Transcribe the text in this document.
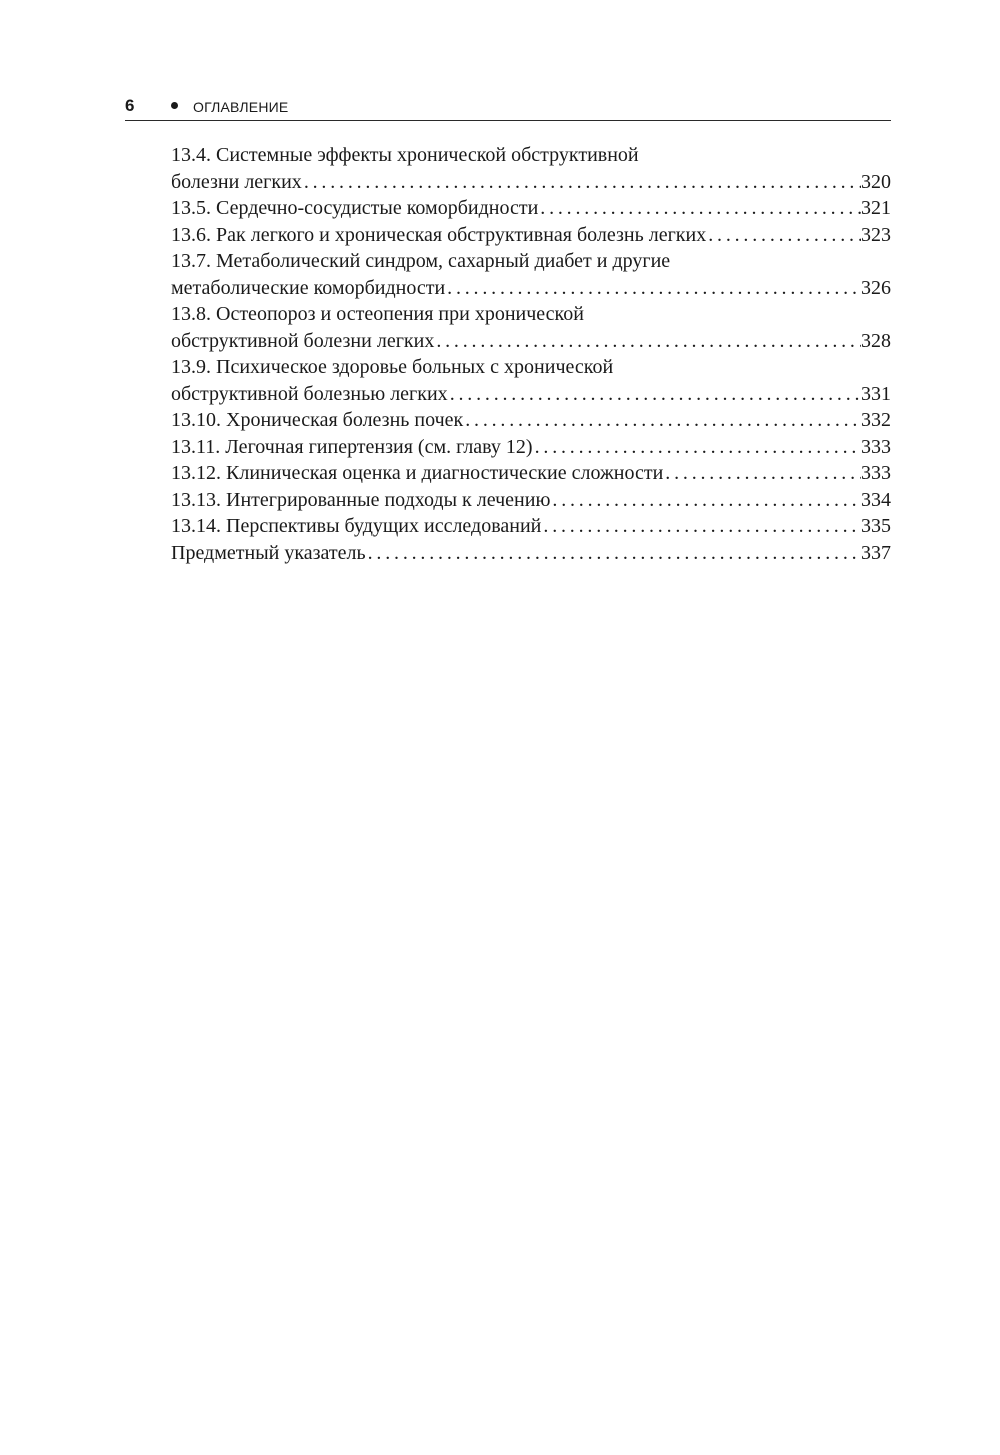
6	ОГЛАВЛЕНИЕ
13.4. Системные эффекты хронической обструктивной
болезни легких . . .	320
13.5. Сердечно-сосудистые коморбидности . . .	321
13.6. Рак легкого и хроническая обструктивная болезнь легких . . .	323
13.7. Метаболический синдром, сахарный диабет и другие
метаболические коморбидности . . .	326
13.8. Остеопороз и остеопения при хронической
обструктивной болезни легких . . .	328
13.9. Психическое здоровье больных с хронической
обструктивной болезнью легких . . .	331
13.10. Хроническая болезнь почек . . .	332
13.11. Легочная гипертензия (см. главу 12) . . .	333
13.12. Клиническая оценка и диагностические сложности . . .	333
13.13. Интегрированные подходы к лечению . . .	334
13.14. Перспективы будущих исследований . . .	335
Предметный указатель . . .	337
